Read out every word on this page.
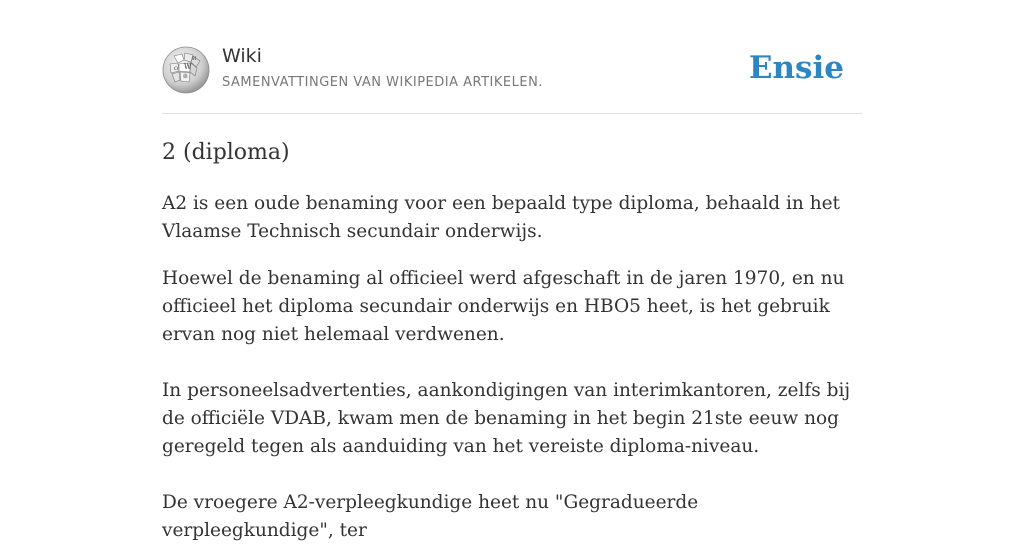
W
Ω
И
維
Wiki
SAMENVATTINGEN VAN WIKIPEDIA ARTIKELEN.	Ensie
2 (diploma)

A2 is een oude benaming voor een bepaald type diploma, behaald in het Vlaamse Technisch secundair onderwijs.

Hoewel de benaming al officieel werd afgeschaft in de jaren 1970, en nu officieel het diploma secundair onderwijs en HBO5 heet, is het gebruik ervan nog niet helemaal verdwenen.

In personeelsadvertenties, aankondigingen van interimkantoren, zelfs bij de officiële VDAB, kwam men de benaming in het begin 21ste eeuw nog geregeld tegen als aanduiding van het vereiste diploma-niveau.

De vroegere A2-verpleegkundige heet nu "Gegradueerde verpleegkundige", ter
